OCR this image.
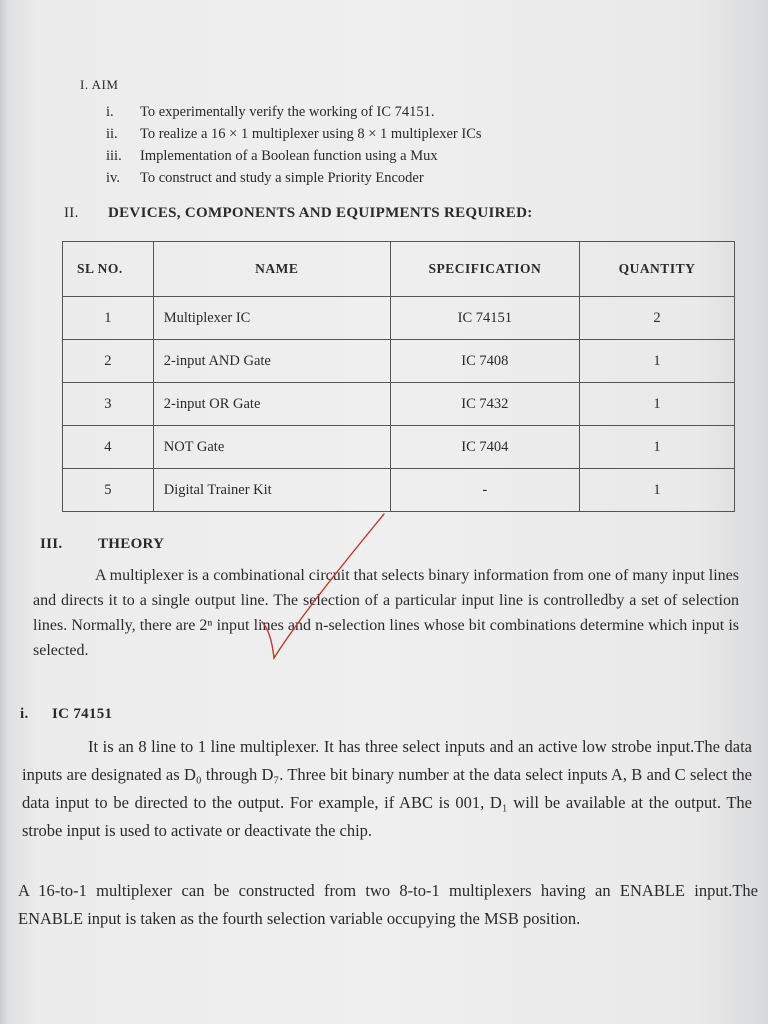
I. AIM
i. To experimentally verify the working of IC 74151.
ii. To realize a 16 × 1 multiplexer using 8 × 1 multiplexer ICs
iii. Implementation of a Boolean function using a Mux
iv. To construct and study a simple Priority Encoder
II. DEVICES, COMPONENTS AND EQUIPMENTS REQUIRED:
SL NO.	NAME	SPECIFICATION	QUANTITY
1	Multiplexer IC	IC 74151	2
2	2-input AND Gate	IC 7408	1
3	2-input OR Gate	IC 7432	1
4	NOT Gate	IC 7404	1
5	Digital Trainer Kit	-	1
III. THEORY

A multiplexer is a combinational circuit that selects binary information from one of many input lines and directs it to a single output line. The selection of a particular input line is controlledby a set of selection lines. Normally, there are 2ⁿ input lines and n-selection lines whose bit combinations determine which input is selected.

i. IC 74151

It is an 8 line to 1 line multiplexer. It has three select inputs and an active low strobe input.The data inputs are designated as D₀ through D₇. Three bit binary number at the data select inputs A, B and C select the data input to be directed to the output. For example, if ABC is 001, D₁ will be available at the output. The strobe input is used to activate or deactivate the chip.

A 16-to-1 multiplexer can be constructed from two 8-to-1 multiplexers having an ENABLE input.The ENABLE input is taken as the fourth selection variable occupying the MSB position.
